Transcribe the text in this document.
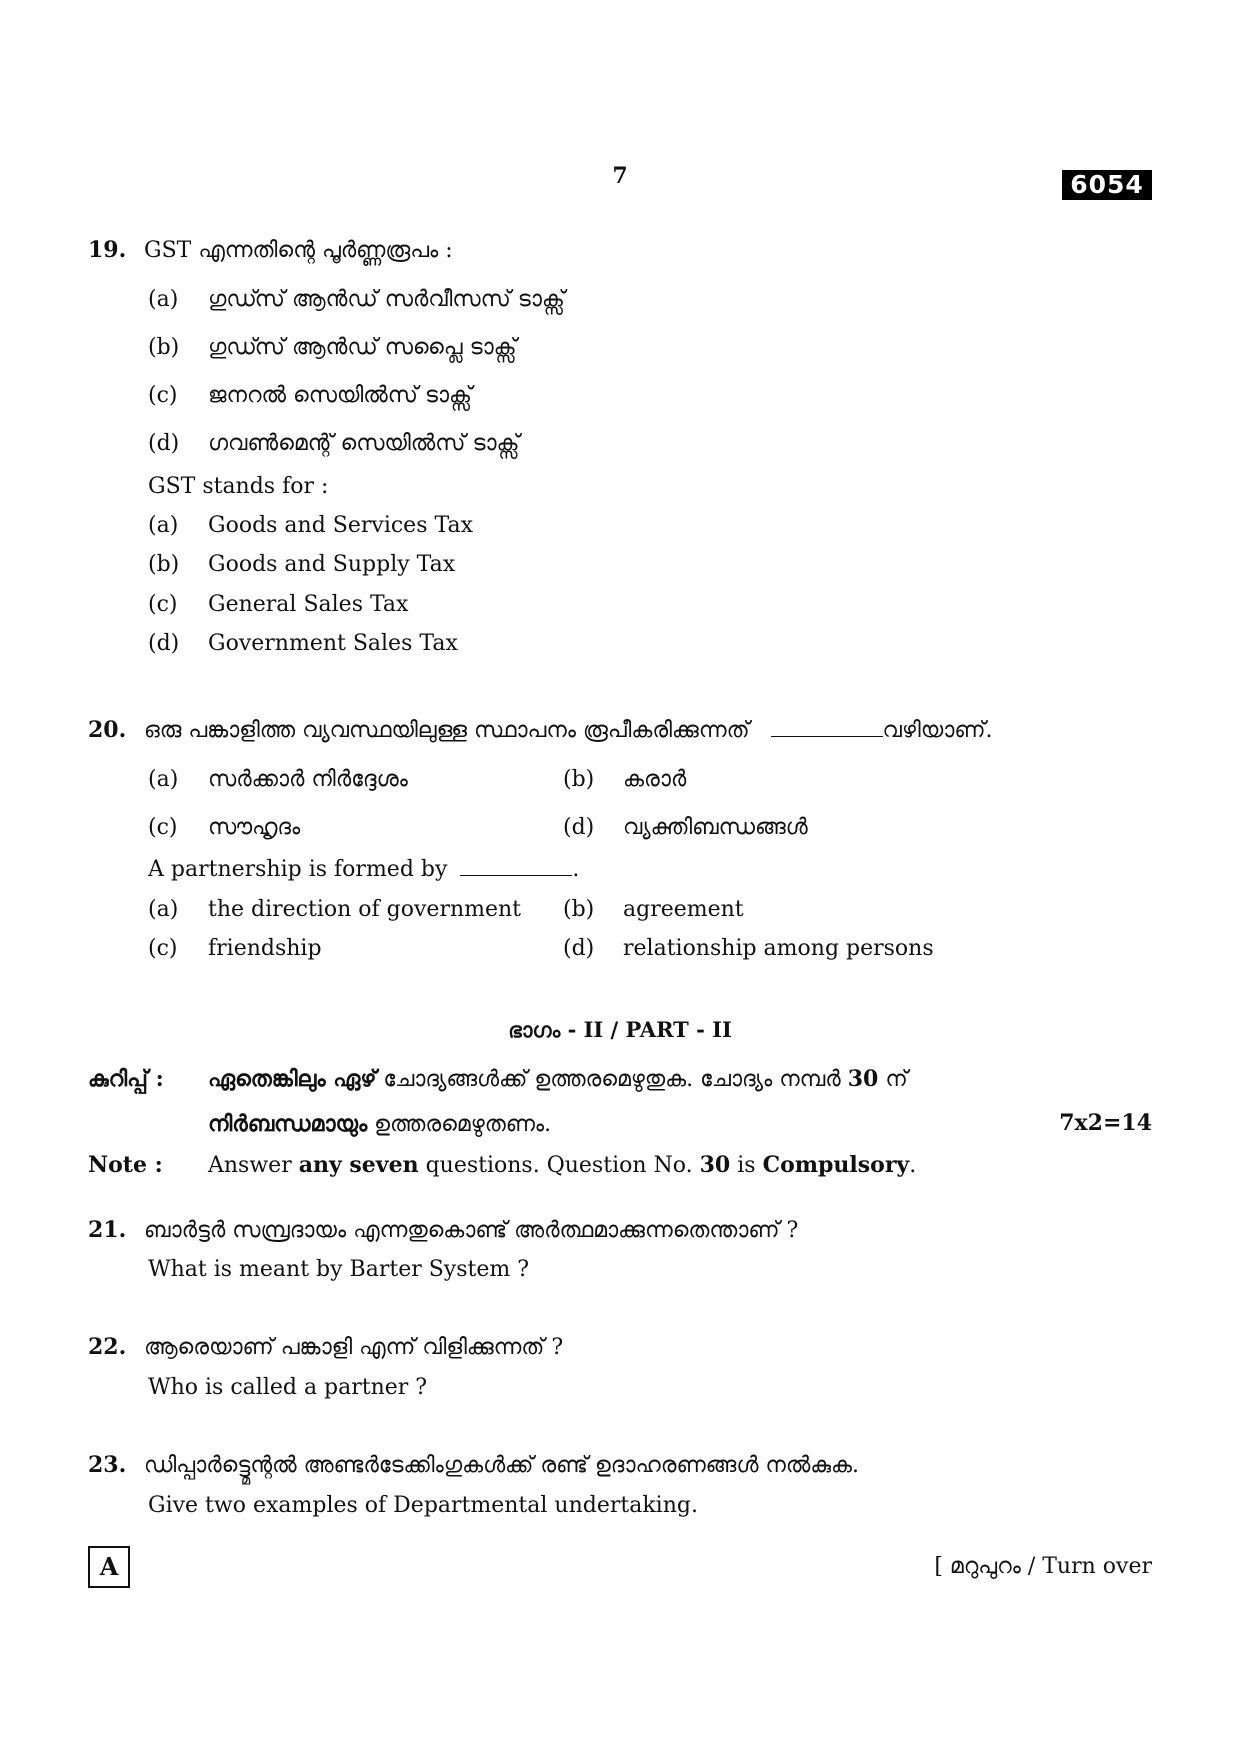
7	6054
19. GST എന്നതിന്റെ പൂർണ്ണരൂപം :
(a) ഗുഡ്സ് ആൻഡ് സർവീസസ് ടാക്സ്
(b) ഗുഡ്സ് ആൻഡ് സപ്ലൈ ടാക്സ്
(c) ജനറൽ സെയിൽസ് ടാക്സ്
(d) ഗവൺമെന്റ് സെയിൽസ് ടാക്സ്
GST stands for :
(a) Goods and Services Tax
(b) Goods and Supply Tax
(c) General Sales Tax
(d) Government Sales Tax
20. ഒരു പങ്കാളിത്ത വ്യവസ്ഥയിലുള്ള സ്ഥാപനം രൂപീകരിക്കുന്നത്	വഴിയാണ്.
(a) സർക്കാർ നിർദ്ദേശം	(b) കരാർ
(c) സൗഹൃദം	(d) വ്യക്തിബന്ധങ്ങൾ
A partnership is formed by	.
(a) the direction of government (b) agreement
(c) friendship	(d) relationship among persons
ഭാഗം - II / PART - II
കുറിപ്പ് : ഏതെങ്കിലും ഏഴ് ചോദ്യങ്ങൾക്ക് ഉത്തരമെഴുതുക. ചോദ്യം നമ്പർ 30 ന്
നിർബന്ധമായും ഉത്തരമെഴുതണം.	7x2=14
Note : Answer any seven questions. Question No. 30 is Compulsory.
21. ബാർട്ടർ സമ്പ്രദായം എന്നതുകൊണ്ട് അർത്ഥമാക്കുന്നതെന്താണ് ?
What is meant by Barter System ?
22. ആരെയാണ് പങ്കാളി എന്ന് വിളിക്കുന്നത് ?
Who is called a partner ?
23. ഡിപ്പാർട്ട്മെന്റൽ അണ്ടർടേക്കിംഗുകൾക്ക് രണ്ട് ഉദാഹരണങ്ങൾ നൽകുക.
Give two examples of Departmental undertaking.
A	[ മറുപുറം / Turn over
